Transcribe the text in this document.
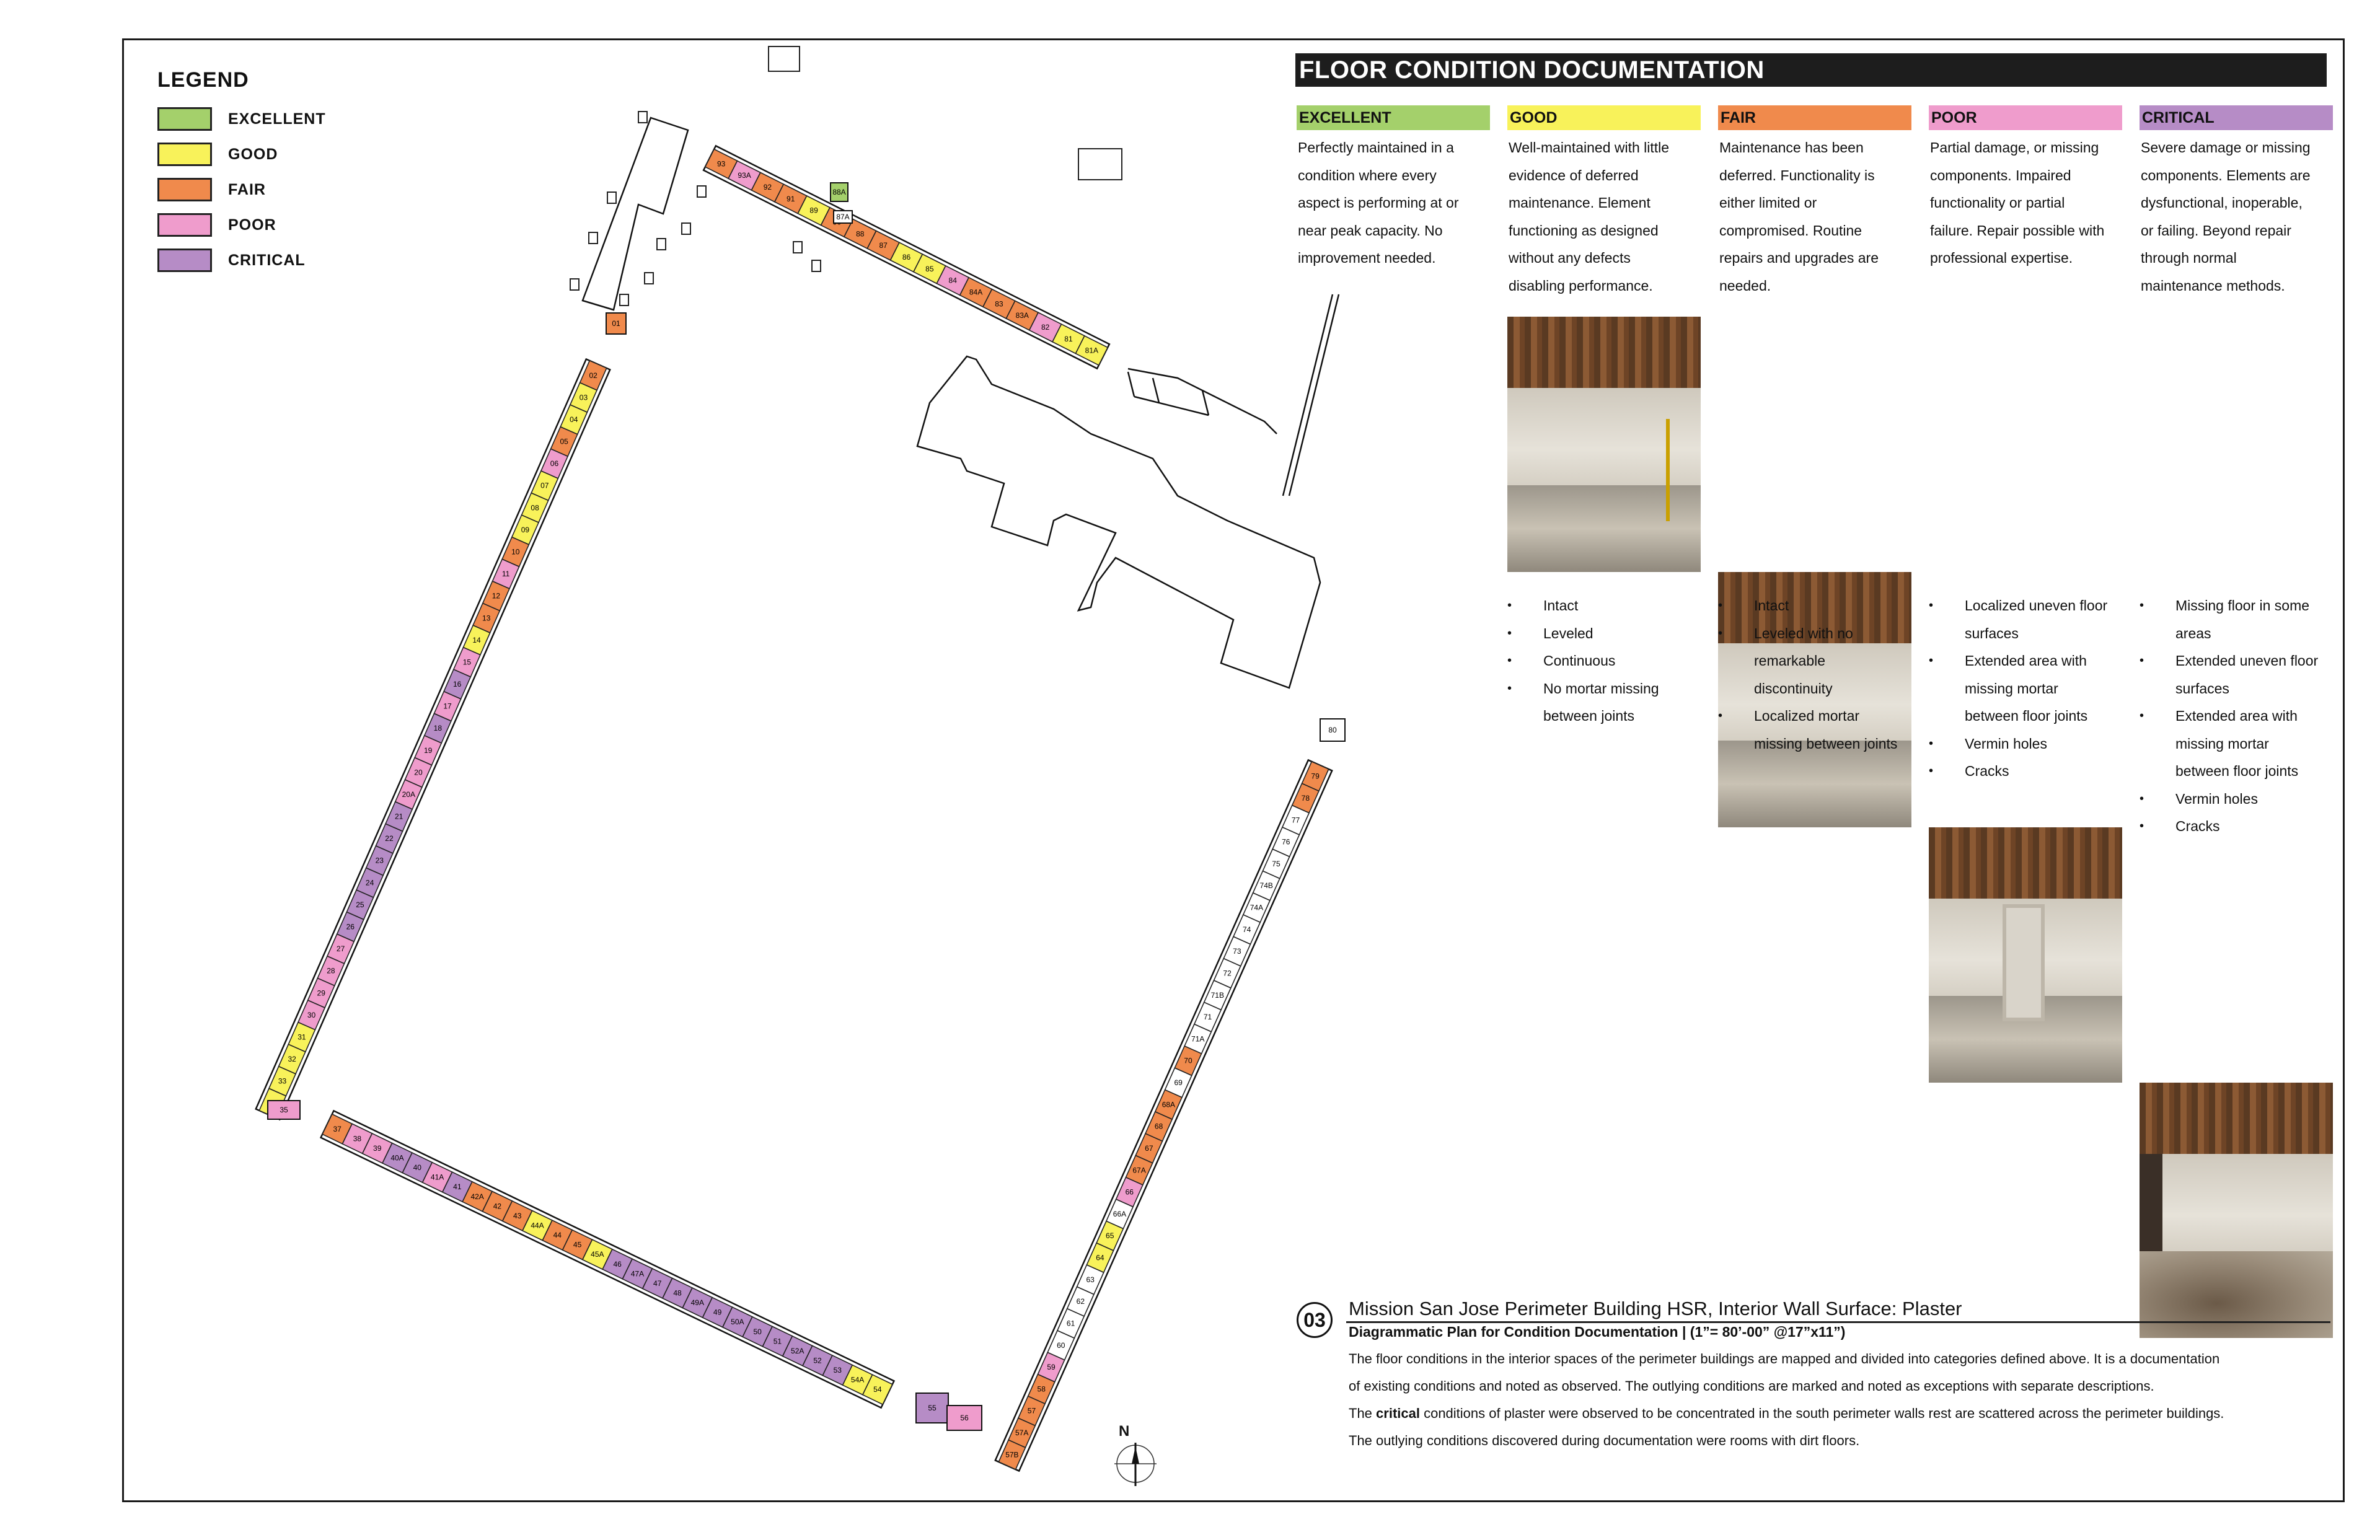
LEGEND
EXCELLENT
GOOD
FAIR
POOR
CRITICAL
02
03
04
05
06
07
08
09
10
11
12
13
14
15
16
17
18
19
20
20A
21
22
23
24
25
26
27
28
29
30
31
32
33
37
38
39
40A
40
41A
41
42A
42
43
44A
44
45
45A
46
47A
47
48
49A
49
50A
50
51
52A
52
53
54A
54
79
78
77
76
75
74B
74A
74
73
72
71B
71
71A
70
69
68A
68
67
67A
66
66A
65
64
63
62
61
60
59
58
57
57A
57B
93
93A
92
91
89
88
87
86
85
84
84A
83
83A
82
81
81A
01
35
55
56
80
88A
87A
N
FLOOR CONDITION DOCUMENTATION
EXCELLENT
Perfectly maintained in a
condition where every
aspect is performing at or
near peak capacity. No
improvement needed.
GOOD
Well-maintained with little
evidence of deferred
maintenance. Element
functioning as designed
without any defects
disabling performance.
• Intact
• Leveled
• Continuous
• No mortar missing
between joints
FAIR
Maintenance has been
deferred. Functionality is
either limited or
compromised. Routine
repairs and upgrades are
needed.
• Intact
• Leveled with no
remarkable
discontinuity
• Localized mortar
missing between joints
POOR
Partial damage, or missing
components. Impaired
functionality or partial
failure. Repair possible with
professional expertise.
• Localized uneven floor
surfaces
• Extended area with
missing mortar
between floor joints
• Vermin holes
• Cracks
CRITICAL
Severe damage or missing
components. Elements are
dysfunctional, inoperable,
or failing. Beyond repair
through normal
maintenance methods.
• Missing floor in some
areas
• Extended uneven floor
surfaces
• Extended area with
missing mortar
between floor joints
• Vermin holes
• Cracks
03
Mission San Jose Perimeter Building HSR, Interior Wall Surface: Plaster
Diagrammatic Plan for Condition Documentation | (1”= 80’-00” @17”x11”)
The floor conditions in the interior spaces of the perimeter buildings are mapped and divided into categories defined above. It is a documentation
of existing conditions and noted as observed. The outlying conditions are marked and noted as exceptions with separate descriptions.
The critical conditions of plaster were observed to be concentrated in the south perimeter walls rest are scattered across the perimeter buildings.
The outlying conditions discovered during documentation were rooms with dirt floors.
